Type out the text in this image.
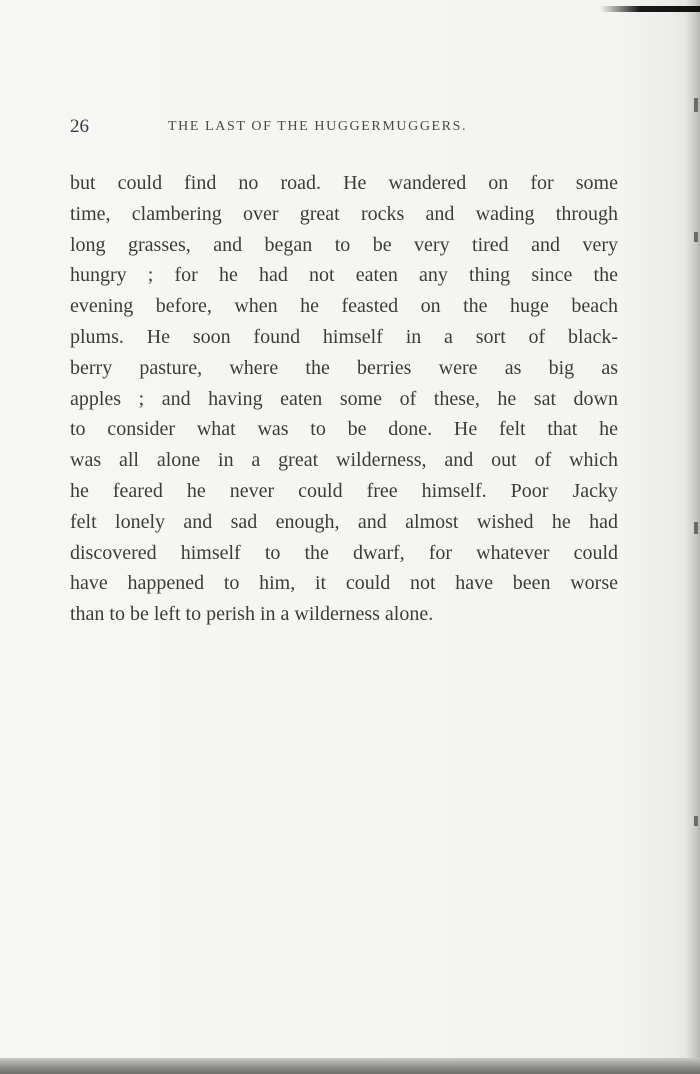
26	THE LAST OF THE HUGGERMUGGERS.
but could find no road. He wandered on for some
time, clambering over great rocks and wading through
long grasses, and began to be very tired and very
hungry ; for he had not eaten any thing since the
evening before, when he feasted on the huge beach
plums. He soon found himself in a sort of black-
berry pasture, where the berries were as big as
apples ; and having eaten some of these, he sat down
to consider what was to be done. He felt that he
was all alone in a great wilderness, and out of which
he feared he never could free himself. Poor Jacky
felt lonely and sad enough, and almost wished he had
discovered himself to the dwarf, for whatever could
have happened to him, it could not have been worse
than to be left to perish in a wilderness alone.
